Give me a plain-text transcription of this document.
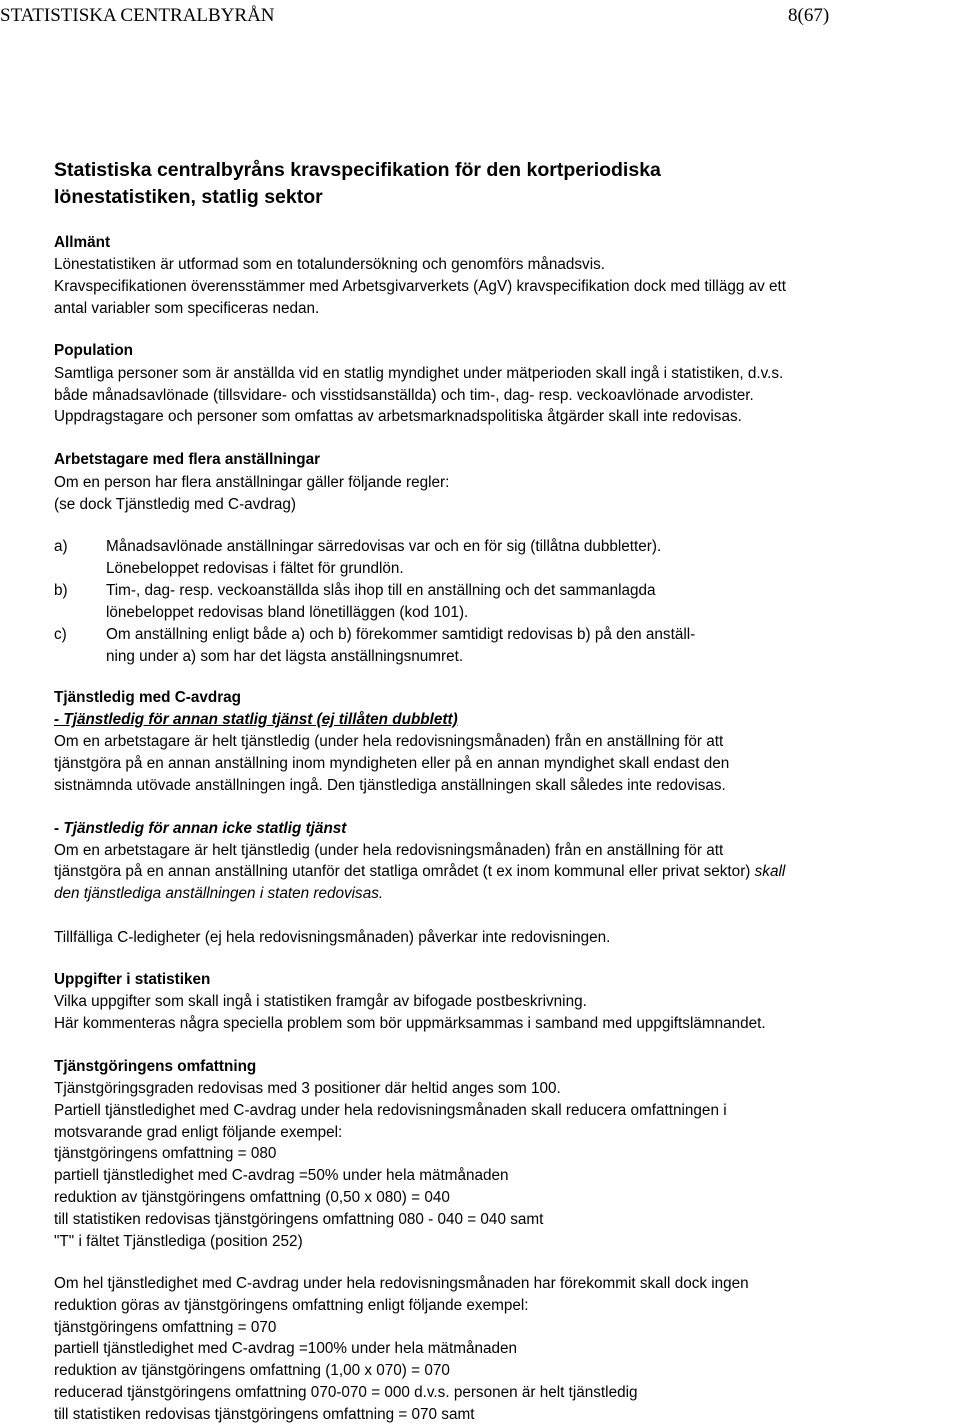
STATISTISKA CENTRALBYRÅN	8(67)
Statistiska centralbyråns kravspecifikation för den kortperiodiska
lönestatistiken, statlig sektor
Allmänt
Lönestatistiken är utformad som en totalundersökning och genomförs månadsvis.
Kravspecifikationen överensstämmer med Arbetsgivarverkets (AgV) kravspecifikation dock med tillägg av ett
antal variabler som specificeras nedan.
Population
Samtliga personer som är anställda vid en statlig myndighet under mätperioden skall ingå i statistiken, d.v.s.
både månadsavlönade (tillsvidare- och visstidsanställda) och tim-, dag- resp. veckoavlönade arvodister.
Uppdragstagare och personer som omfattas av arbetsmarknadspolitiska åtgärder skall inte redovisas.
Arbetstagare med flera anställningar
Om en person har flera anställningar gäller följande regler:
(se dock Tjänstledig med C-avdrag)
a)	Månadsavlönade anställningar särredovisas var och en för sig (tillåtna dubbletter).
Lönebeloppet redovisas i fältet för grundlön.
b)	Tim-, dag- resp. veckoanställda slås ihop till en anställning och det sammanlagda
lönebeloppet redovisas bland lönetilläggen (kod 101).
c)	Om anställning enligt både a) och b) förekommer samtidigt redovisas b) på den anställ-
ning under a) som har det lägsta anställningsnumret.
Tjänstledig med C-avdrag
- Tjänstledig för annan statlig tjänst (ej tillåten dubblett)
Om en arbetstagare är helt tjänstledig (under hela redovisningsmånaden) från en anställning för att
tjänstgöra på en annan anställning inom myndigheten eller på en annan myndighet skall endast den
sistnämnda utövade anställningen ingå. Den tjänstlediga anställningen skall således inte redovisas.
- Tjänstledig för annan icke statlig tjänst
Om en arbetstagare är helt tjänstledig (under hela redovisningsmånaden) från en anställning för att
tjänstgöra på en annan anställning utanför det statliga området (t ex inom kommunal eller privat sektor) skall
den tjänstlediga anställningen i staten redovisas.
Tillfälliga C-ledigheter (ej hela redovisningsmånaden) påverkar inte redovisningen.
Uppgifter i statistiken
Vilka uppgifter som skall ingå i statistiken framgår av bifogade postbeskrivning.
Här kommenteras några speciella problem som bör uppmärksammas i samband med uppgiftslämnandet.
Tjänstgöringens omfattning
Tjänstgöringsgraden redovisas med 3 positioner där heltid anges som 100.
Partiell tjänstledighet med C-avdrag under hela redovisningsmånaden skall reducera omfattningen i
motsvarande grad enligt följande exempel:
tjänstgöringens omfattning = 080
partiell tjänstledighet med C-avdrag =50% under hela mätmånaden
reduktion av tjänstgöringens omfattning (0,50 x 080) = 040
till statistiken redovisas tjänstgöringens omfattning 080 - 040 = 040 samt
"T" i fältet Tjänstlediga (position 252)
Om hel tjänstledighet med C-avdrag under hela redovisningsmånaden har förekommit skall dock ingen
reduktion göras av tjänstgöringens omfattning enligt följande exempel:
tjänstgöringens omfattning = 070
partiell tjänstledighet med C-avdrag =100% under hela mätmånaden
reduktion av tjänstgöringens omfattning (1,00 x 070) = 070
reducerad tjänstgöringens omfattning 070-070 = 000 d.v.s. personen är helt tjänstledig
till statistiken redovisas tjänstgöringens omfattning = 070 samt
